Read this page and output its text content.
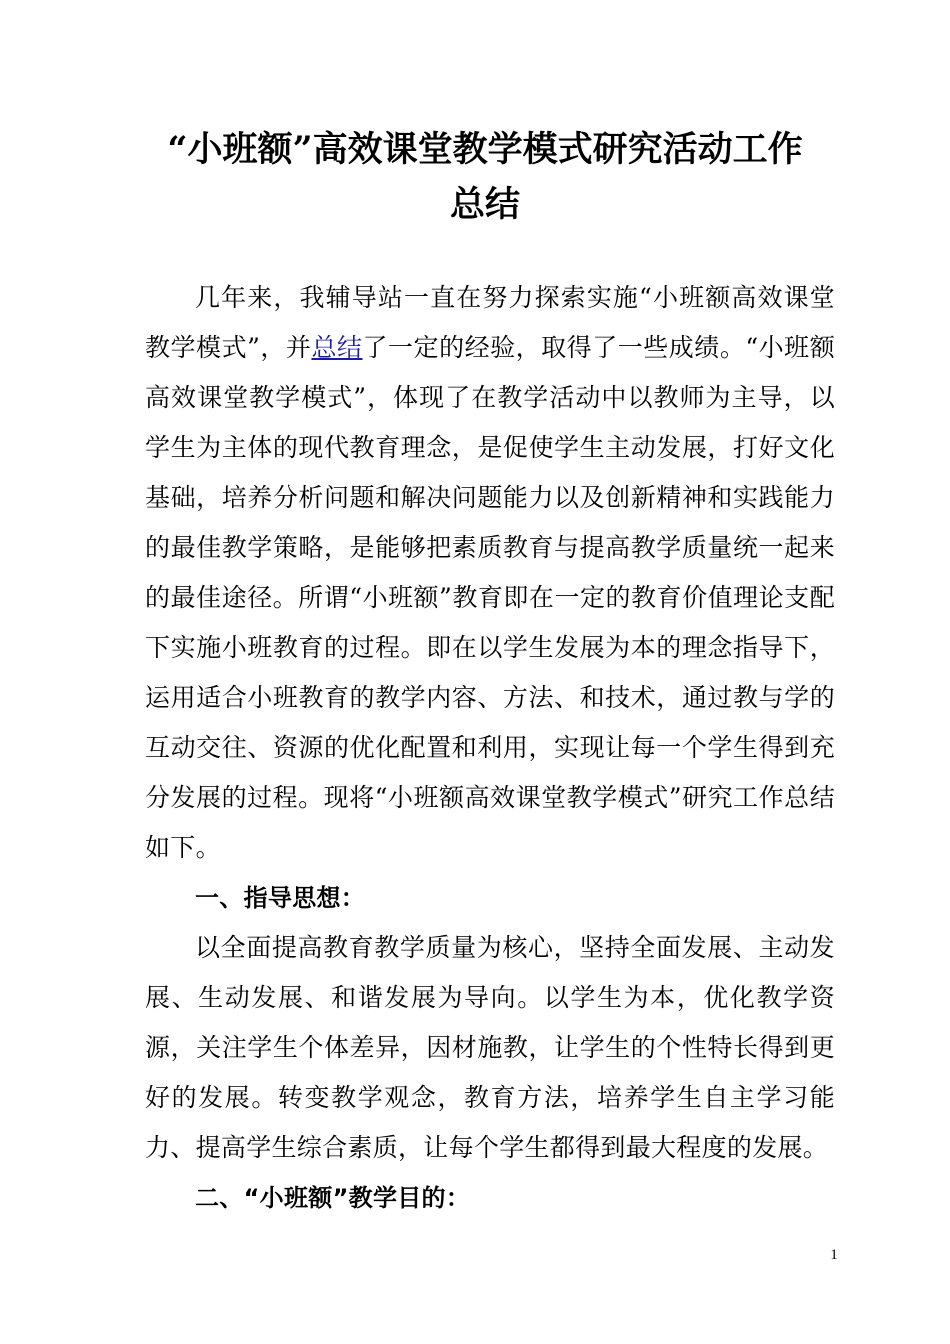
“小班额”高效课堂教学模式研究活动工作
总结

几年来，我辅导站一直在努力探索实施“小班额高效课堂教学模式”，并总结了一定的经验，取得了一些成绩。“小班额高效课堂教学模式”，体现了在教学活动中以教师为主导，以学生为主体的现代教育理念，是促使学生主动发展，打好文化基础，培养分析问题和解决问题能力以及创新精神和实践能力的最佳教学策略，是能够把素质教育与提高教学质量统一起来的最佳途径。所谓“小班额”教育即在一定的教育价值理论支配下实施小班教育的过程。即在以学生发展为本的理念指导下，运用适合小班教育的教学内容、方法、和技术，通过教与学的互动交往、资源的优化配置和利用，实现让每一个学生得到充分发展的过程。现将“小班额高效课堂教学模式”研究工作总结如下。

一、指导思想：

以全面提高教育教学质量为核心，坚持全面发展、主动发展、生动发展、和谐发展为导向。以学生为本，优化教学资源，关注学生个体差异，因材施教，让学生的个性特长得到更好的发展。转变教学观念，教育方法，培养学生自主学习能力、提高学生综合素质，让每个学生都得到最大程度的发展。

二、“小班额”教学目的：

1
